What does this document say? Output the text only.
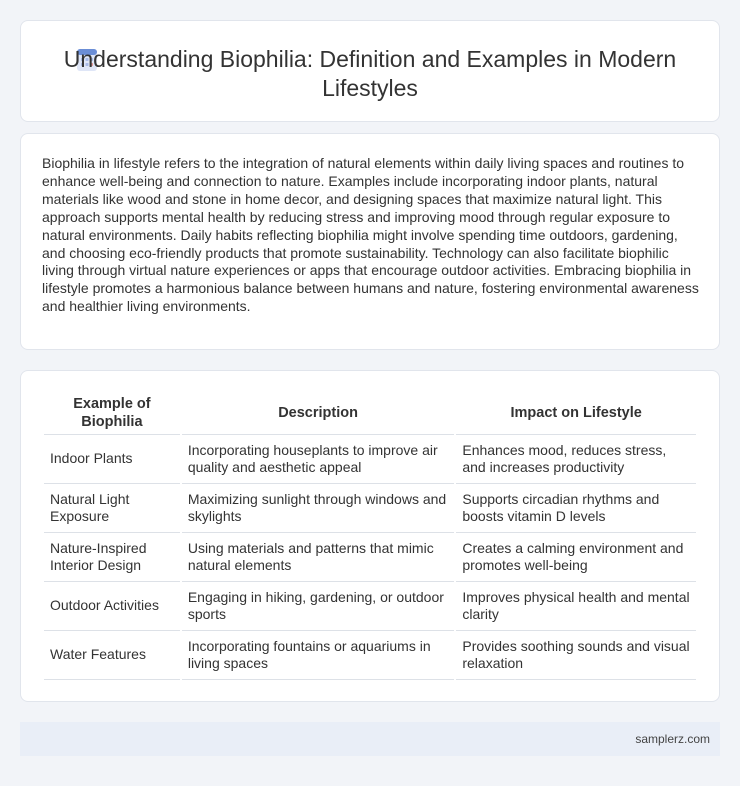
Understanding Biophilia: Definition and Examples in Modern Lifestyles

Biophilia in lifestyle refers to the integration of natural elements within daily living spaces and routines to enhance well-being and connection to nature. Examples include incorporating indoor plants, natural materials like wood and stone in home decor, and designing spaces that maximize natural light. This approach supports mental health by reducing stress and improving mood through regular exposure to natural environments. Daily habits reflecting biophilia might involve spending time outdoors, gardening, and choosing eco-friendly products that promote sustainability. Technology can also facilitate biophilic living through virtual nature experiences or apps that encourage outdoor activities. Embracing biophilia in lifestyle promotes a harmonious balance between humans and nature, fostering environmental awareness and healthier living environments.

Example of Biophilia	Description	Impact on Lifestyle
Indoor Plants	Incorporating houseplants to improve air quality and aesthetic appeal	Enhances mood, reduces stress, and increases productivity
Natural Light Exposure	Maximizing sunlight through windows and skylights	Supports circadian rhythms and boosts vitamin D levels
Nature-Inspired Interior Design	Using materials and patterns that mimic natural elements	Creates a calming environment and promotes well-being
Outdoor Activities	Engaging in hiking, gardening, or outdoor sports	Improves physical health and mental clarity
Water Features	Incorporating fountains or aquariums in living spaces	Provides soothing sounds and visual relaxation
samplerz.com
